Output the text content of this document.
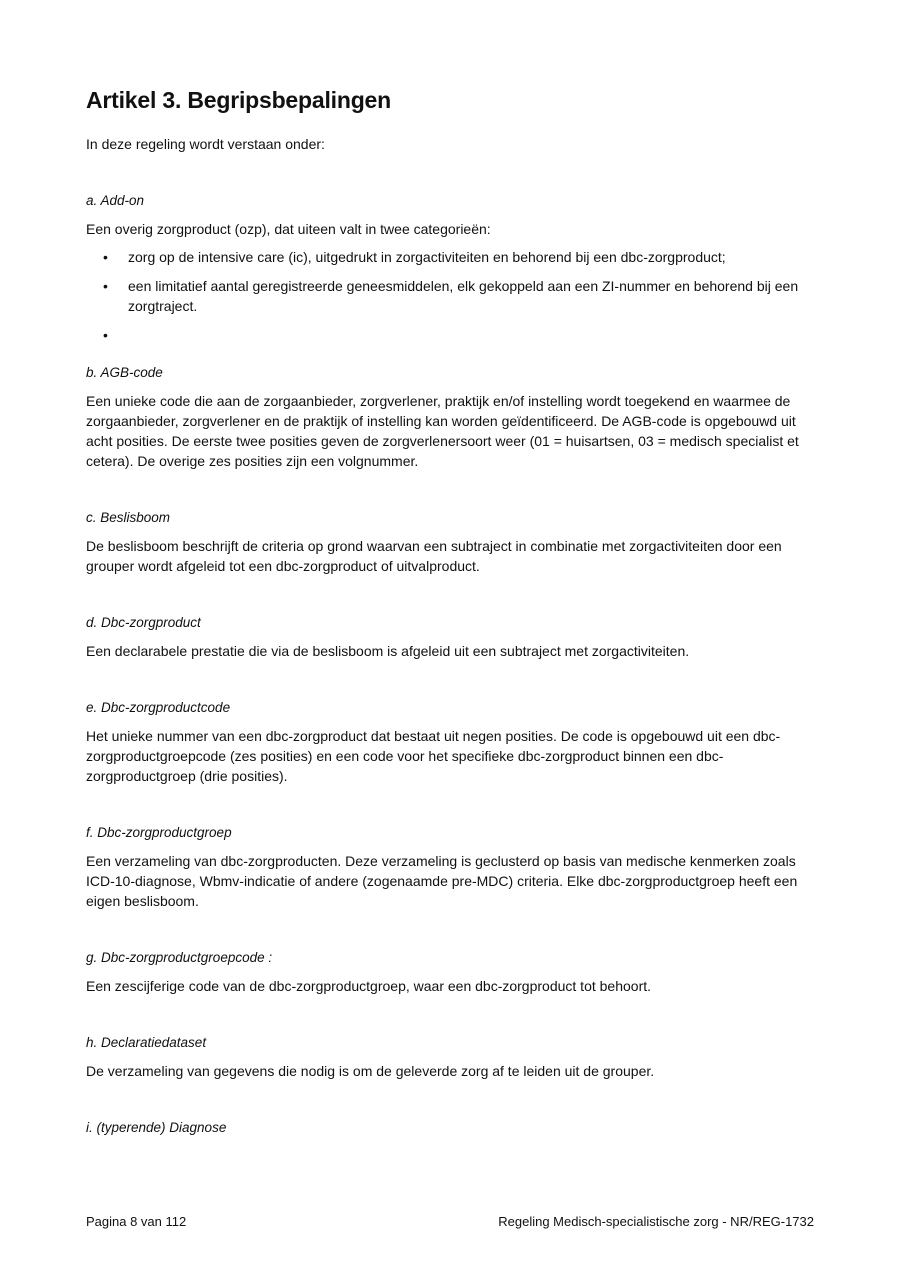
Artikel 3. Begripsbepalingen

In deze regeling wordt verstaan onder:

a. Add-on

Een overig zorgproduct (ozp), dat uiteen valt in twee categorieën:

• zorg op de intensive care (ic), uitgedrukt in zorgactiviteiten en behorend bij een dbc-zorgproduct;
• een limitatief aantal geregistreerde geneesmiddelen, elk gekoppeld aan een ZI-nummer en behorend bij een zorgtraject.
•

b. AGB-code

Een unieke code die aan de zorgaanbieder, zorgverlener, praktijk en/of instelling wordt toegekend en waarmee de zorgaanbieder, zorgverlener en de praktijk of instelling kan worden geïdentificeerd. De AGB-code is opgebouwd uit acht posities. De eerste twee posities geven de zorgverlenersoort weer (01 = huisartsen, 03 = medisch specialist et cetera). De overige zes posities zijn een volgnummer.

c. Beslisboom

De beslisboom beschrijft de criteria op grond waarvan een subtraject in combinatie met zorgactiviteiten door een grouper wordt afgeleid tot een dbc-zorgproduct of uitvalproduct.

d. Dbc-zorgproduct

Een declarabele prestatie die via de beslisboom is afgeleid uit een subtraject met zorgactiviteiten.

e. Dbc-zorgproductcode

Het unieke nummer van een dbc-zorgproduct dat bestaat uit negen posities. De code is opgebouwd uit een dbc-zorgproductgroepcode (zes posities) en een code voor het specifieke dbc-zorgproduct binnen een dbc-zorgproductgroep (drie posities).

f. Dbc-zorgproductgroep

Een verzameling van dbc-zorgproducten. Deze verzameling is geclusterd op basis van medische kenmerken zoals ICD-10-diagnose, Wbmv-indicatie of andere (zogenaamde pre-MDC) criteria. Elke dbc-zorgproductgroep heeft een eigen beslisboom.

g. Dbc-zorgproductgroepcode :

Een zescijferige code van de dbc-zorgproductgroep, waar een dbc-zorgproduct tot behoort.

h. Declaratiedataset

De verzameling van gegevens die nodig is om de geleverde zorg af te leiden uit de grouper.

i. (typerende) Diagnose

Pagina 8 van 112	Regeling Medisch-specialistische zorg - NR/REG-1732
